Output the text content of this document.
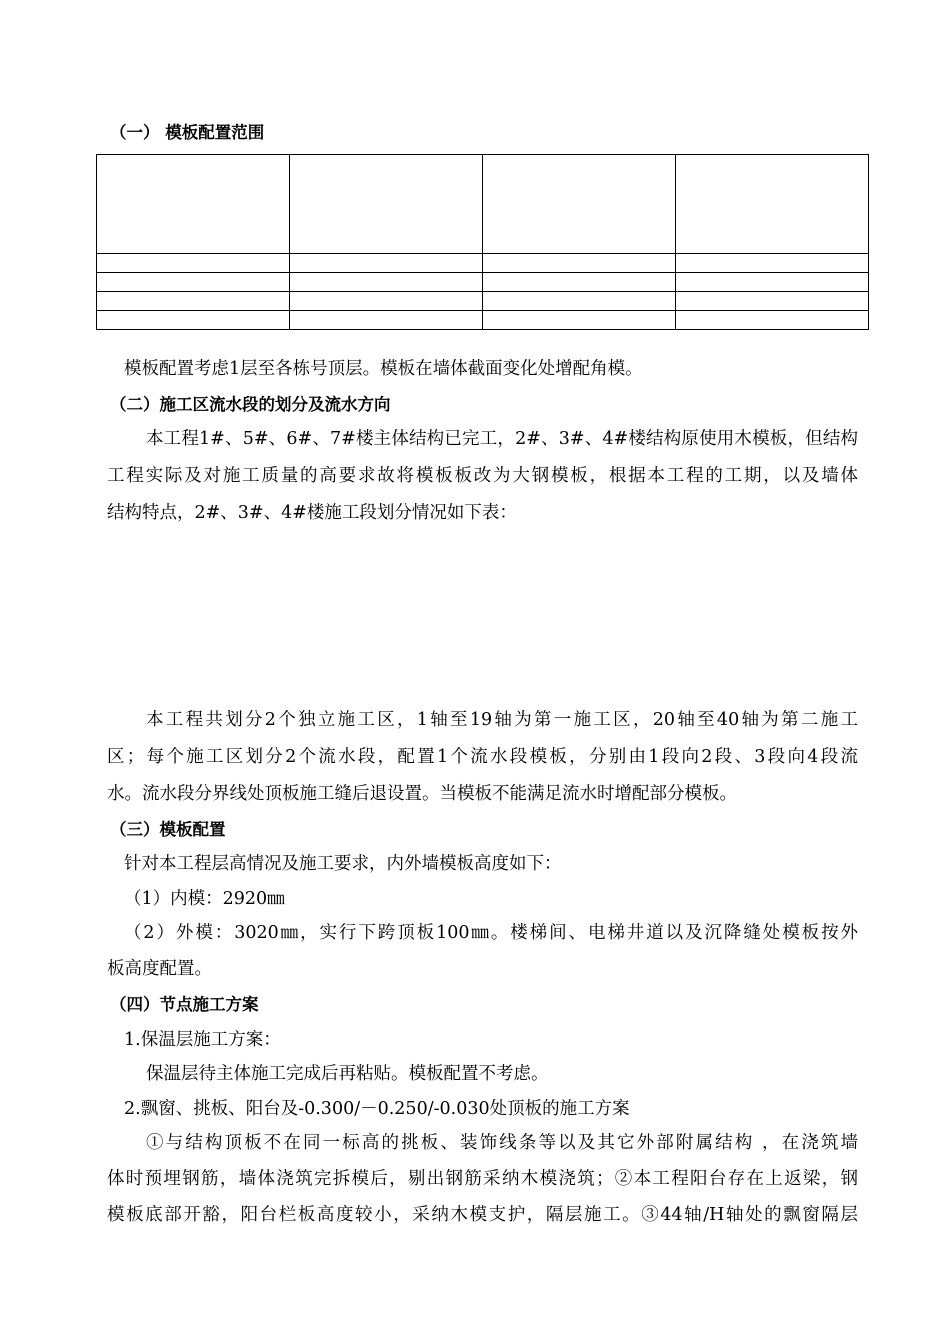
（一） 模板配置范围

模板配置考虑1层至各栋号顶层。模板在墙体截面变化处增配角模。
（二）施工区流水段的划分及流水方向
本工程1#、5#、6#、7#楼主体结构已完工，2#、3#、4#楼结构原使用木模板，但结构
工程实际及对施工质量的高要求故将模板板改为大钢模板，根据本工程的工期，以及墙体
结构特点，2#、3#、4#楼施工段划分情况如下表：
本工程共划分2个独立施工区，1轴至19轴为第一施工区，20轴至40轴为第二施工
区；每个施工区划分2个流水段，配置1个流水段模板，分别由1段向2段、3段向4段流
水。流水段分界线处顶板施工缝后退设置。当模板不能满足流水时增配部分模板。
（三）模板配置
针对本工程层高情况及施工要求，内外墙模板高度如下：
（1）内模：2920㎜
（2）外模：3020㎜，实行下跨顶板100㎜。楼梯间、电梯井道以及沉降缝处模板按外
板高度配置。
（四）节点施工方案
1.保温层施工方案：
保温层待主体施工完成后再粘贴。模板配置不考虑。
2.飘窗、挑板、阳台及-0.300/－0.250/-0.030处顶板的施工方案
①与结构顶板不在同一标高的挑板、装饰线条等以及其它外部附属结构 ，在浇筑墙
体时预埋钢筋，墙体浇筑完拆模后，剔出钢筋采纳木模浇筑；②本工程阳台存在上返梁，钢
模板底部开豁，阳台栏板高度较小，采纳木模支护，隔层施工。③44轴/H轴处的飘窗隔层
